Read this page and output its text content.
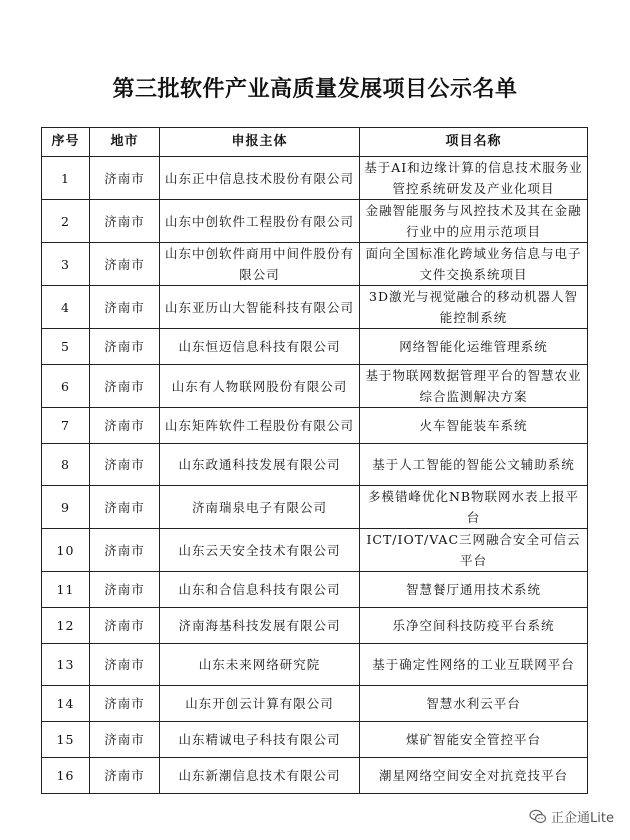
第三批软件产业高质量发展项目公示名单
序号	地市	申报主体	项目名称
1	济南市	山东正中信息技术股份有限公司	基于AI和边缘计算的信息技术服务业管控系统研发及产业化项目
2	济南市	山东中创软件工程股份有限公司	金融智能服务与风控技术及其在金融行业中的应用示范项目
3	济南市	山东中创软件商用中间件股份有限公司	面向全国标准化跨域业务信息与电子文件交换系统项目
4	济南市	山东亚历山大智能科技有限公司	3D激光与视觉融合的移动机器人智能控制系统
5	济南市	山东恒迈信息科技有限公司	网络智能化运维管理系统
6	济南市	山东有人物联网股份有限公司	基于物联网数据管理平台的智慧农业综合监测解决方案
7	济南市	山东矩阵软件工程股份有限公司	火车智能装车系统
8	济南市	山东政通科技发展有限公司	基于人工智能的智能公文辅助系统
9	济南市	济南瑞泉电子有限公司	多模错峰优化NB物联网水表上报平台
10	济南市	山东云天安全技术有限公司	ICT/IOT/VAC三网融合安全可信云平台
11	济南市	山东和合信息科技有限公司	智慧餐厅通用技术系统
12	济南市	济南海基科技发展有限公司	乐净空间科技防疫平台系统
13	济南市	山东未来网络研究院	基于确定性网络的工业互联网平台
14	济南市	山东开创云计算有限公司	智慧水利云平台
15	济南市	山东精诚电子科技有限公司	煤矿智能安全管控平台
16	济南市	山东新潮信息技术有限公司	潮星网络空间安全对抗竞技平台
正企通Lite
